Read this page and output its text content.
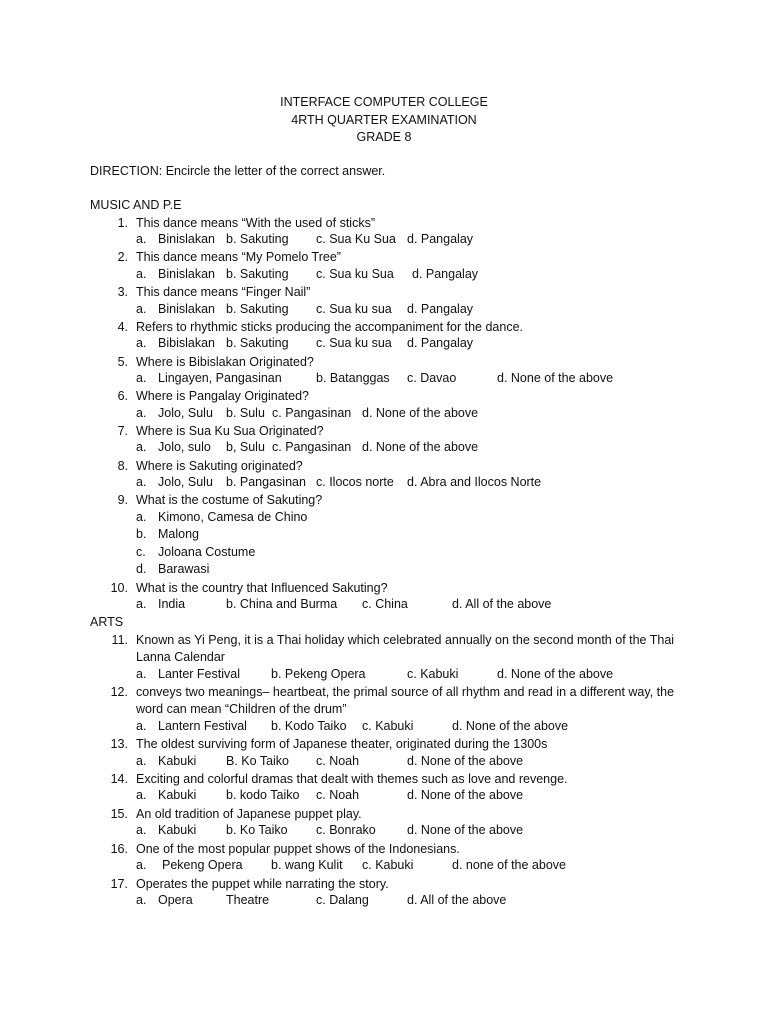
INTERFACE COMPUTER COLLEGE
4RTH QUARTER EXAMINATION
GRADE 8
DIRECTION: Encircle the letter of the correct answer.
MUSIC AND P.E
1. This dance means “With the used of sticks”
a. Binislakan b. Sakuting c. Sua Ku Sua d. Pangalay
2. This dance means “My Pomelo Tree”
a. Binislakan b. Sakuting c. Sua ku Sua d. Pangalay
3. This dance means “Finger Nail”
a. Binislakan b. Sakuting c. Sua ku sua d. Pangalay
4. Refers to rhythmic sticks producing the accompaniment for the dance.
a. Bibislakan b. Sakuting c. Sua ku sua d. Pangalay
5. Where is Bibislakan Originated?
a. Lingayen, Pangasinan	b. Batanggas c. Davao	d. None of the above
6. Where is Pangalay Originated?
a. Jolo, Sulu b. Sulu c. Pangasinan d. None of the above
7. Where is Sua Ku Sua Originated?
a. Jolo, sulo b, Sulu c. Pangasinan d. None of the above
8. Where is Sakuting originated?
a. Jolo, Sulu b. Pangasinan c. Ilocos norte d. Abra and Ilocos Norte
9. What is the costume of Sakuting?
a. Kimono, Camesa de Chino
b. Malong
c. Joloana Costume
d. Barawasi
10. What is the country that Influenced Sakuting?
a. India	b. China and Burma c. China	d. All of the above
ARTS
11. Known as Yi Peng, it is a Thai holiday which celebrated annually on the second month of the Thai Lanna Calendar
a. Lanter Festival b. Pekeng Opera	c. Kabuki	d. None of the above
12. conveys two meanings– heartbeat, the primal source of all rhythm and read in a different way, the word can mean “Children of the drum”
a. Lantern Festival b. Kodo Taiko c. Kabuki	d. None of the above
13. The oldest surviving form of Japanese theater, originated during the 1300s
a. Kabuki B. Ko Taiko c. Noah	d. None of the above
14. Exciting and colorful dramas that dealt with themes such as love and revenge.
a. Kabuki b. kodo Taiko c. Noah	d. None of the above
15. An old tradition of Japanese puppet play.
a. Kabuki b. Ko Taiko c. Bonrako d. None of the above
16. One of the most popular puppet shows of the Indonesians.
a. Pekeng Opera b. wang Kulit c. Kabuki	d. none of the above
17. Operates the puppet while narrating the story.
a. Opera	Theatre	c. Dalang	d. All of the above
